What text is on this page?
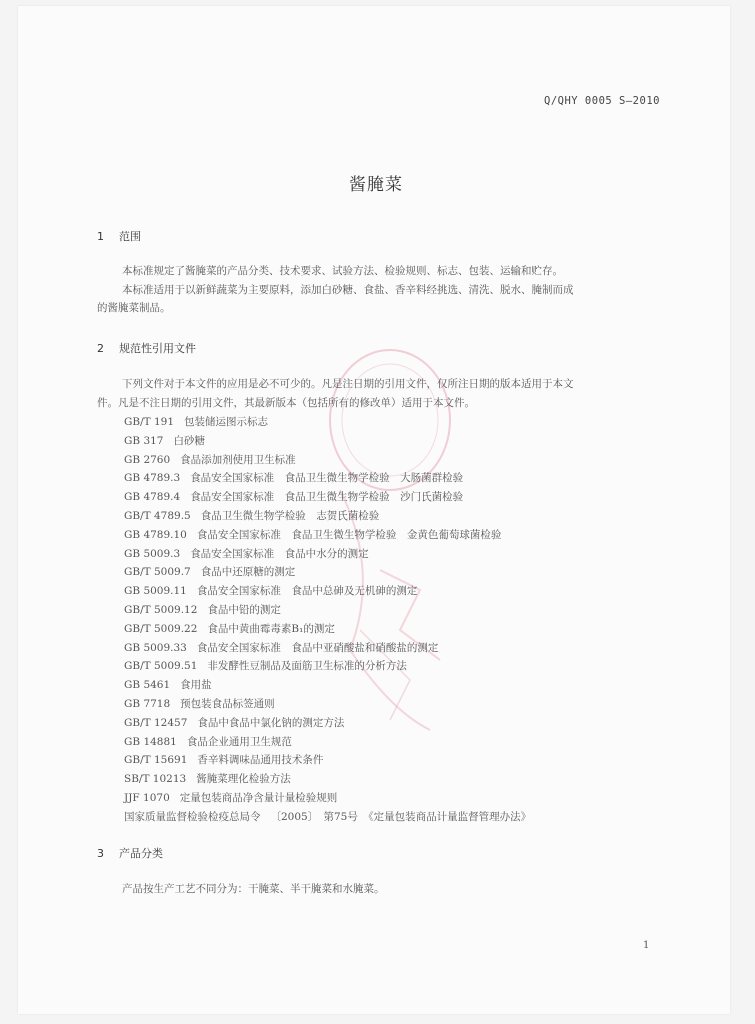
Q/QHY 0005 S—2010
酱腌菜
1 范围
本标准规定了酱腌菜的产品分类、技术要求、试验方法、检验规则、标志、包装、运输和贮存。
本标准适用于以新鲜蔬菜为主要原料，添加白砂糖、食盐、香辛料经挑选、清洗、脱水、腌制而成
的酱腌菜制品。
2 规范性引用文件
下列文件对于本文件的应用是必不可少的。凡是注日期的引用文件，仅所注日期的版本适用于本文
件。凡是不注日期的引用文件，其最新版本（包括所有的修改单）适用于本文件。
GB/T 191 包装储运图示标志
GB 317 白砂糖
GB 2760 食品添加剂使用卫生标准
GB 4789.3 食品安全国家标准　食品卫生微生物学检验　大肠菌群检验
GB 4789.4 食品安全国家标准　食品卫生微生物学检验　沙门氏菌检验
GB/T 4789.5 食品卫生微生物学检验　志贺氏菌检验
GB 4789.10 食品安全国家标准　食品卫生微生物学检验　金黄色葡萄球菌检验
GB 5009.3 食品安全国家标准　食品中水分的测定
GB/T 5009.7 食品中还原糖的测定
GB 5009.11 食品安全国家标准　食品中总砷及无机砷的测定
GB/T 5009.12 食品中铅的测定
GB/T 5009.22 食品中黄曲霉毒素B₁的测定
GB 5009.33 食品安全国家标准　食品中亚硝酸盐和硝酸盐的测定
GB/T 5009.51 非发酵性豆制品及面筋卫生标准的分析方法
GB 5461 食用盐
GB 7718 预包装食品标签通则
GB/T 12457 食品中食品中氯化钠的测定方法
GB 14881 食品企业通用卫生规范
GB/T 15691 香辛料调味品通用技术条件
SB/T 10213 酱腌菜理化检验方法
JJF 1070 定量包装商品净含量计量检验规则
国家质量监督检验检疫总局令 〔2005〕　第75号　《定量包装商品计量监督管理办法》
3 产品分类
产品按生产工艺不同分为：干腌菜、半干腌菜和水腌菜。
1
